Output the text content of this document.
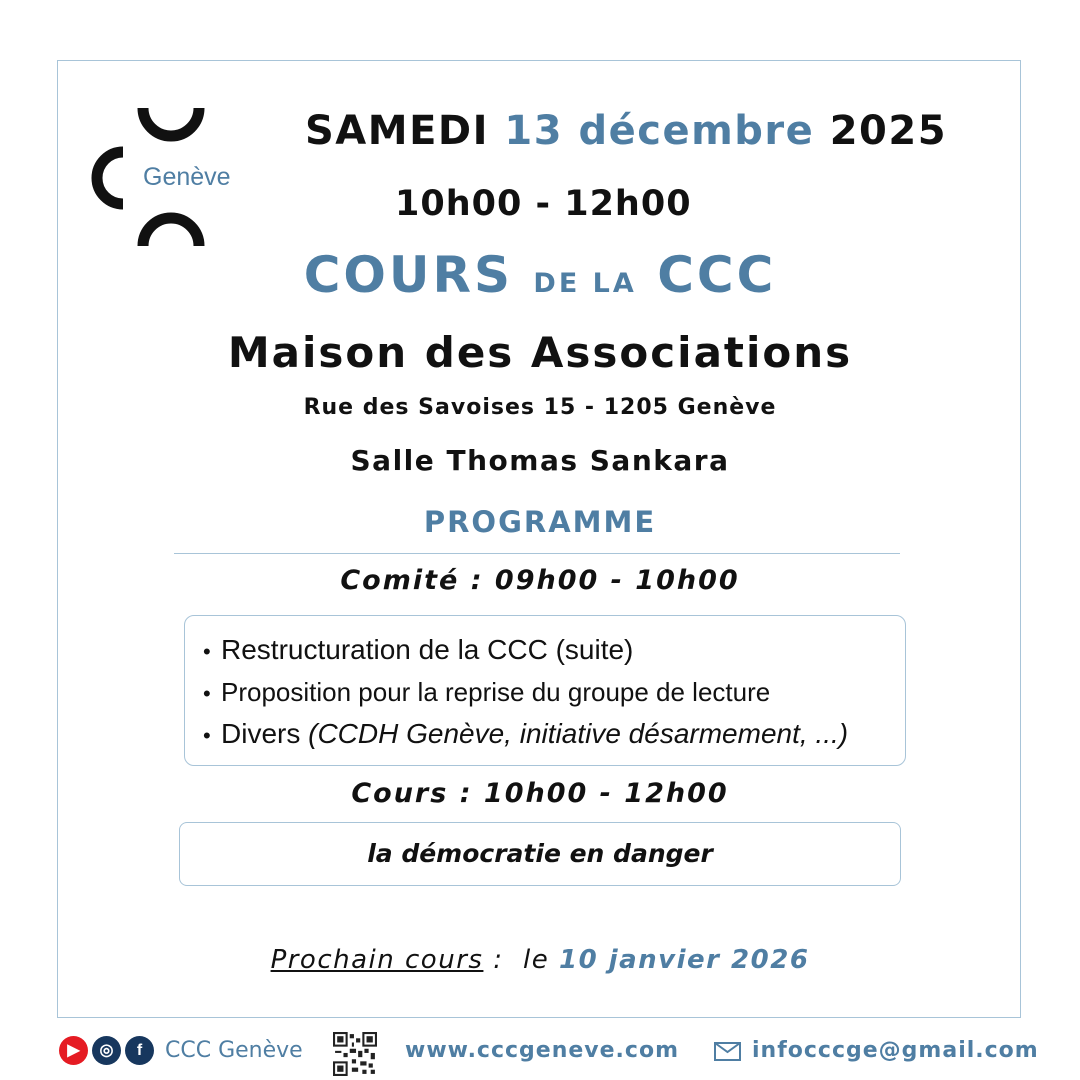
Genève
SAMEDI 13 décembre 2025
10h00 - 12h00
COURS DE LA CCC
Maison des Associations
Rue des Savoises 15 - 1205 Genève
Salle Thomas Sankara
PROGRAMME
Comité : 09h00 - 10h00
• Restructuration de la CCC (suite)
• Proposition pour la reprise du groupe de lecture
• Divers (CCDH Genève, initiative désarmement, ...)
Cours : 10h00 - 12h00
la démocratie en danger
Prochain cours :  le 10 janvier 2026
▶	◎	f	CCC Genève	www.cccgeneve.com	infocccge@gmail.com
